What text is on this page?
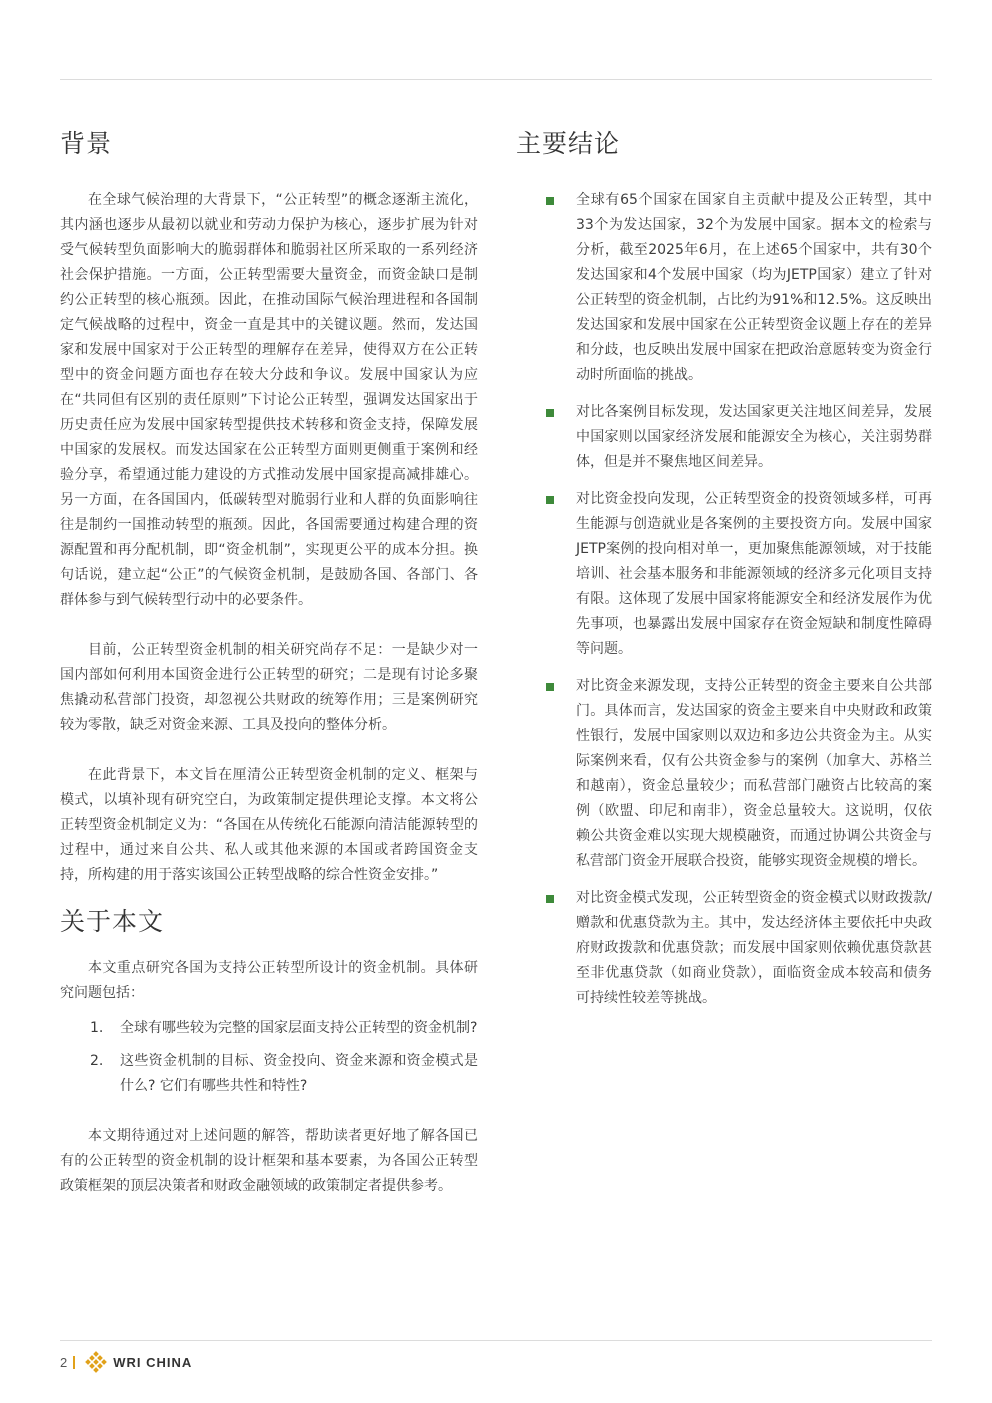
背景

在全球气候治理的大背景下，“公正转型”的概念逐渐主流化，其内涵也逐步从最初以就业和劳动力保护为核心，逐步扩展为针对受气候转型负面影响大的脆弱群体和脆弱社区所采取的一系列经济社会保护措施。一方面，公正转型需要大量资金，而资金缺口是制约公正转型的核心瓶颈。因此，在推动国际气候治理进程和各国制定气候战略的过程中，资金一直是其中的关键议题。然而，发达国家和发展中国家对于公正转型的理解存在差异，使得双方在公正转型中的资金问题方面也存在较大分歧和争议。发展中国家认为应在“共同但有区别的责任原则”下讨论公正转型，强调发达国家出于历史责任应为发展中国家转型提供技术转移和资金支持，保障发展中国家的发展权。而发达国家在公正转型方面则更侧重于案例和经验分享，希望通过能力建设的方式推动发展中国家提高减排雄心。另一方面，在各国国内，低碳转型对脆弱行业和人群的负面影响往往是制约一国推动转型的瓶颈。因此，各国需要通过构建合理的资源配置和再分配机制，即“资金机制”，实现更公平的成本分担。换句话说，建立起“公正”的气候资金机制，是鼓励各国、各部门、各群体参与到气候转型行动中的必要条件。

目前，公正转型资金机制的相关研究尚存不足：一是缺少对一国内部如何利用本国资金进行公正转型的研究；二是现有讨论多聚焦撬动私营部门投资，却忽视公共财政的统筹作用；三是案例研究较为零散，缺乏对资金来源、工具及投向的整体分析。

在此背景下，本文旨在厘清公正转型资金机制的定义、框架与模式，以填补现有研究空白，为政策制定提供理论支撑。本文将公正转型资金机制定义为：“各国在从传统化石能源向清洁能源转型的过程中，通过来自公共、私人或其他来源的本国或者跨国资金支持，所构建的用于落实该国公正转型战略的综合性资金安排。”

关于本文

本文重点研究各国为支持公正转型所设计的资金机制。具体研究问题包括：

1. 全球有哪些较为完整的国家层面支持公正转型的资金机制?
2. 这些资金机制的目标、资金投向、资金来源和资金模式是什么? 它们有哪些共性和特性?

本文期待通过对上述问题的解答，帮助读者更好地了解各国已有的公正转型的资金机制的设计框架和基本要素，为各国公正转型政策框架的顶层决策者和财政金融领域的政策制定者提供参考。

主要结论
全球有65个国家在国家自主贡献中提及公正转型，其中33个为发达国家，32个为发展中国家。据本文的检索与分析，截至2025年6月，在上述65个国家中，共有30个发达国家和4个发展中国家（均为JETP国家）建立了针对公正转型的资金机制，占比约为91%和12.5%。这反映出发达国家和发展中国家在公正转型资金议题上存在的差异和分歧，也反映出发展中国家在把政治意愿转变为资金行动时所面临的挑战。
对比各案例目标发现，发达国家更关注地区间差异，发展中国家则以国家经济发展和能源安全为核心，关注弱势群体，但是并不聚焦地区间差异。
对比资金投向发现，公正转型资金的投资领域多样，可再生能源与创造就业是各案例的主要投资方向。发展中国家JETP案例的投向相对单一，更加聚焦能源领域，对于技能培训、社会基本服务和非能源领域的经济多元化项目支持有限。这体现了发展中国家将能源安全和经济发展作为优先事项，也暴露出发展中国家存在资金短缺和制度性障碍等问题。
对比资金来源发现，支持公正转型的资金主要来自公共部门。具体而言，发达国家的资金主要来自中央财政和政策性银行，发展中国家则以双边和多边公共资金为主。从实际案例来看，仅有公共资金参与的案例（加拿大、苏格兰和越南），资金总量较少；而私营部门融资占比较高的案例（欧盟、印尼和南非），资金总量较大。这说明，仅依赖公共资金难以实现大规模融资，而通过协调公共资金与私营部门资金开展联合投资，能够实现资金规模的增长。
对比资金模式发现，公正转型资金的资金模式以财政拨款/赠款和优惠贷款为主。其中，发达经济体主要依托中央政府财政拨款和优惠贷款；而发展中国家则依赖优惠贷款甚至非优惠贷款（如商业贷款），面临资金成本较高和债务可持续性较差等挑战。
2	WRI CHINA
